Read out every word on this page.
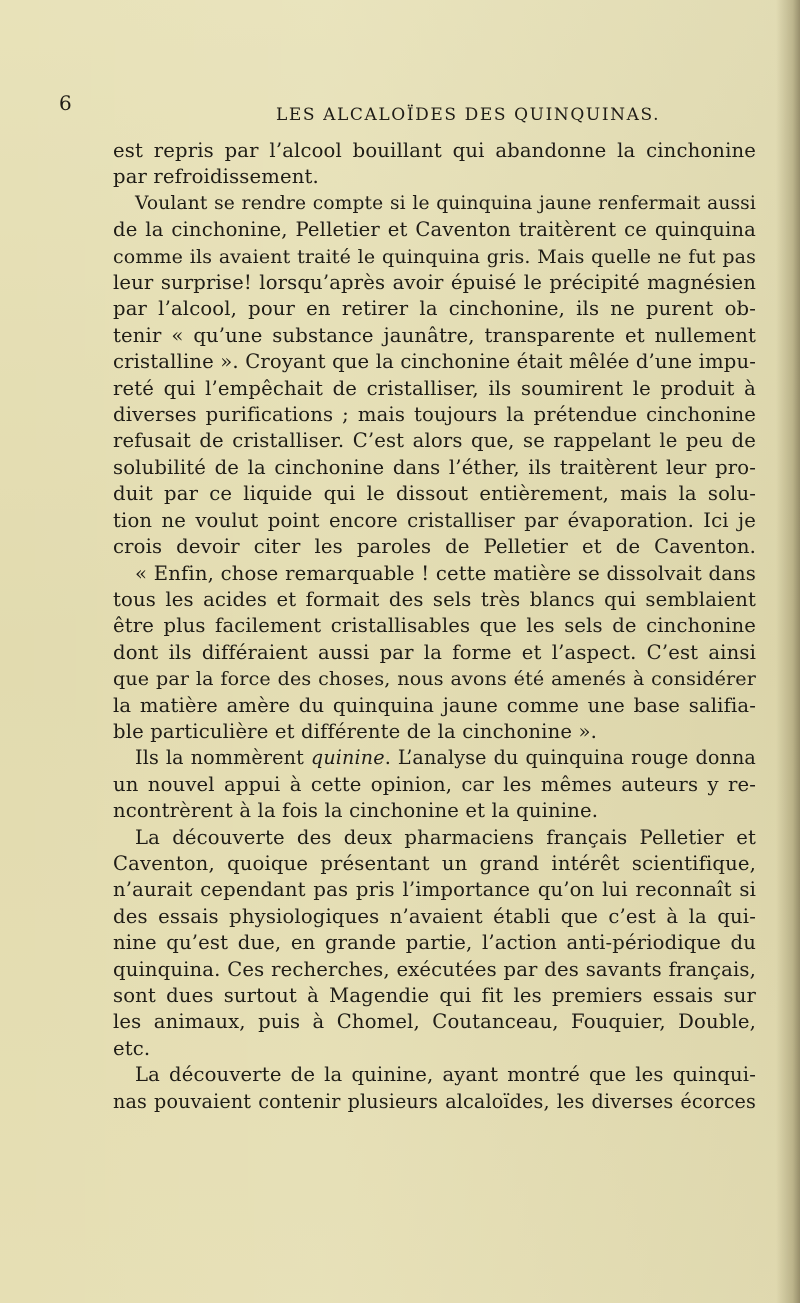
6	LES ALCALOÏDES DES QUINQUINAS.
est repris par l’alcool bouillant qui abandonne la cinchonine
par refroidissement.
Voulant se rendre compte si le quinquina jaune renfermait aussi
de la cinchonine, Pelletier et Caventon traitèrent ce quinquina
comme ils avaient traité le quinquina gris. Mais quelle ne fut pas
leur surprise! lorsqu’après avoir épuisé le précipité magnésien
par l’alcool, pour en retirer la cinchonine, ils ne purent ob-
tenir « qu’une substance jaunâtre, transparente et nullement
cristalline ». Croyant que la cinchonine était mêlée d’une impu-
reté qui l’empêchait de cristalliser, ils soumirent le produit à
diverses purifications ; mais toujours la prétendue cinchonine
refusait de cristalliser. C’est alors que, se rappelant le peu de
solubilité de la cinchonine dans l’éther, ils traitèrent leur pro-
duit par ce liquide qui le dissout entièrement, mais la solu-
tion ne voulut point encore cristalliser par évaporation. Ici je
crois devoir citer les paroles de Pelletier et de Caventon.
« Enfin, chose remarquable ! cette matière se dissolvait dans
tous les acides et formait des sels très blancs qui semblaient
être plus facilement cristallisables que les sels de cinchonine
dont ils différaient aussi par la forme et l’aspect. C’est ainsi
que par la force des choses, nous avons été amenés à considérer
la matière amère du quinquina jaune comme une base salifia-
ble particulière et différente de la cinchonine ».
Ils la nommèrent quinine. L’analyse du quinquina rouge donna
un nouvel appui à cette opinion, car les mêmes auteurs y re-
ncontrèrent à la fois la cinchonine et la quinine.
La découverte des deux pharmaciens français Pelletier et
Caventon, quoique présentant un grand intérêt scientifique,
n’aurait cependant pas pris l’importance qu’on lui reconnaît si
des essais physiologiques n’avaient établi que c’est à la qui-
nine qu’est due, en grande partie, l’action anti-périodique du
quinquina. Ces recherches, exécutées par des savants français,
sont dues surtout à Magendie qui fit les premiers essais sur
les animaux, puis à Chomel, Coutanceau, Fouquier, Double,
etc.
La découverte de la quinine, ayant montré que les quinqui-
nas pouvaient contenir plusieurs alcaloïdes, les diverses écorces
